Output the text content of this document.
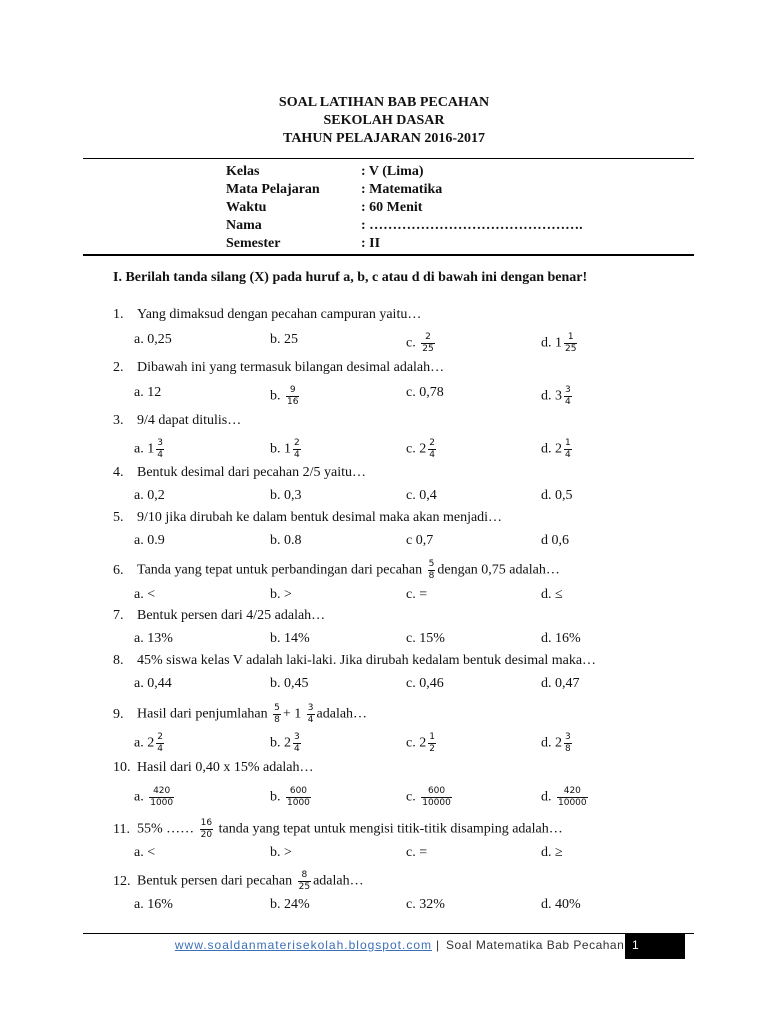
SOAL LATIHAN BAB PECAHAN
SEKOLAH DASAR
TAHUN PELAJARAN 2016-2017
Kelas	: V (Lima)
Mata Pelajaran	: Matematika
Waktu	: 60 Menit
Nama	: ……………………………………….
Semester	: II
I. Berilah tanda silang (X) pada huruf a, b, c atau d di bawah ini dengan benar!
1. Yang dimaksud dengan pecahan campuran yaitu…
a. 0,25	b. 25	c. $\frac{2}{25}$	d. $1 \frac{1}{25}$
2. Dibawah ini yang termasuk bilangan desimal adalah…
a. 12	b. $\frac{9}{16}$	c. 0,78	d. $3 \frac{3}{4}$
3. 9/4 dapat ditulis…
a. $1 \frac{3}{4}$	b. $1 \frac{2}{4}$	c. $2 \frac{2}{4}$	d. $2 \frac{1}{4}$
4. Bentuk desimal dari pecahan 2/5 yaitu…
a. 0,2	b. 0,3	c. 0,4	d. 0,5
5. 9/10 jika dirubah ke dalam bentuk desimal maka akan menjadi…
a. 0.9	b. 0.8	c 0,7	d 0,6
6. Tanda yang tepat untuk perbandingan dari pecahan $\frac{5}{8}$ dengan 0,75 adalah…
a. <	b. >	c. =	d. ≤
7. Bentuk persen dari 4/25 adalah…
a. 13%	b. 14%	c. 15%	d. 16%
8. 45% siswa kelas V adalah laki-laki. Jika dirubah kedalam bentuk desimal maka…
a. 0,44	b. 0,45	c. 0,46	d. 0,47
9. Hasil dari penjumlahan $\frac{5}{8} + 1 \frac{3}{4}$ adalah…
a. $2 \frac{2}{4}$	b. $2 \frac{3}{4}$	c. $2 \frac{1}{2}$	d. $2 \frac{3}{8}$
10. Hasil dari 0,40 x 15% adalah…
a. $\frac{420}{1000}$	b. $\frac{600}{1000}$	c. $\frac{600}{10000}$	d. $\frac{420}{10000}$
11. 55% …… $\frac{16}{20}$ tanda yang tepat untuk mengisi titik-titik disamping adalah…
a. <	b. >	c. =	d. ≥
12. Bentuk persen dari pecahan $\frac{8}{25}$ adalah…
a. 16%	b. 24%	c. 32%	d. 40%
www.soaldanmaterisekolah.blogspot.com | Soal Matematika Bab Pecahan 1
